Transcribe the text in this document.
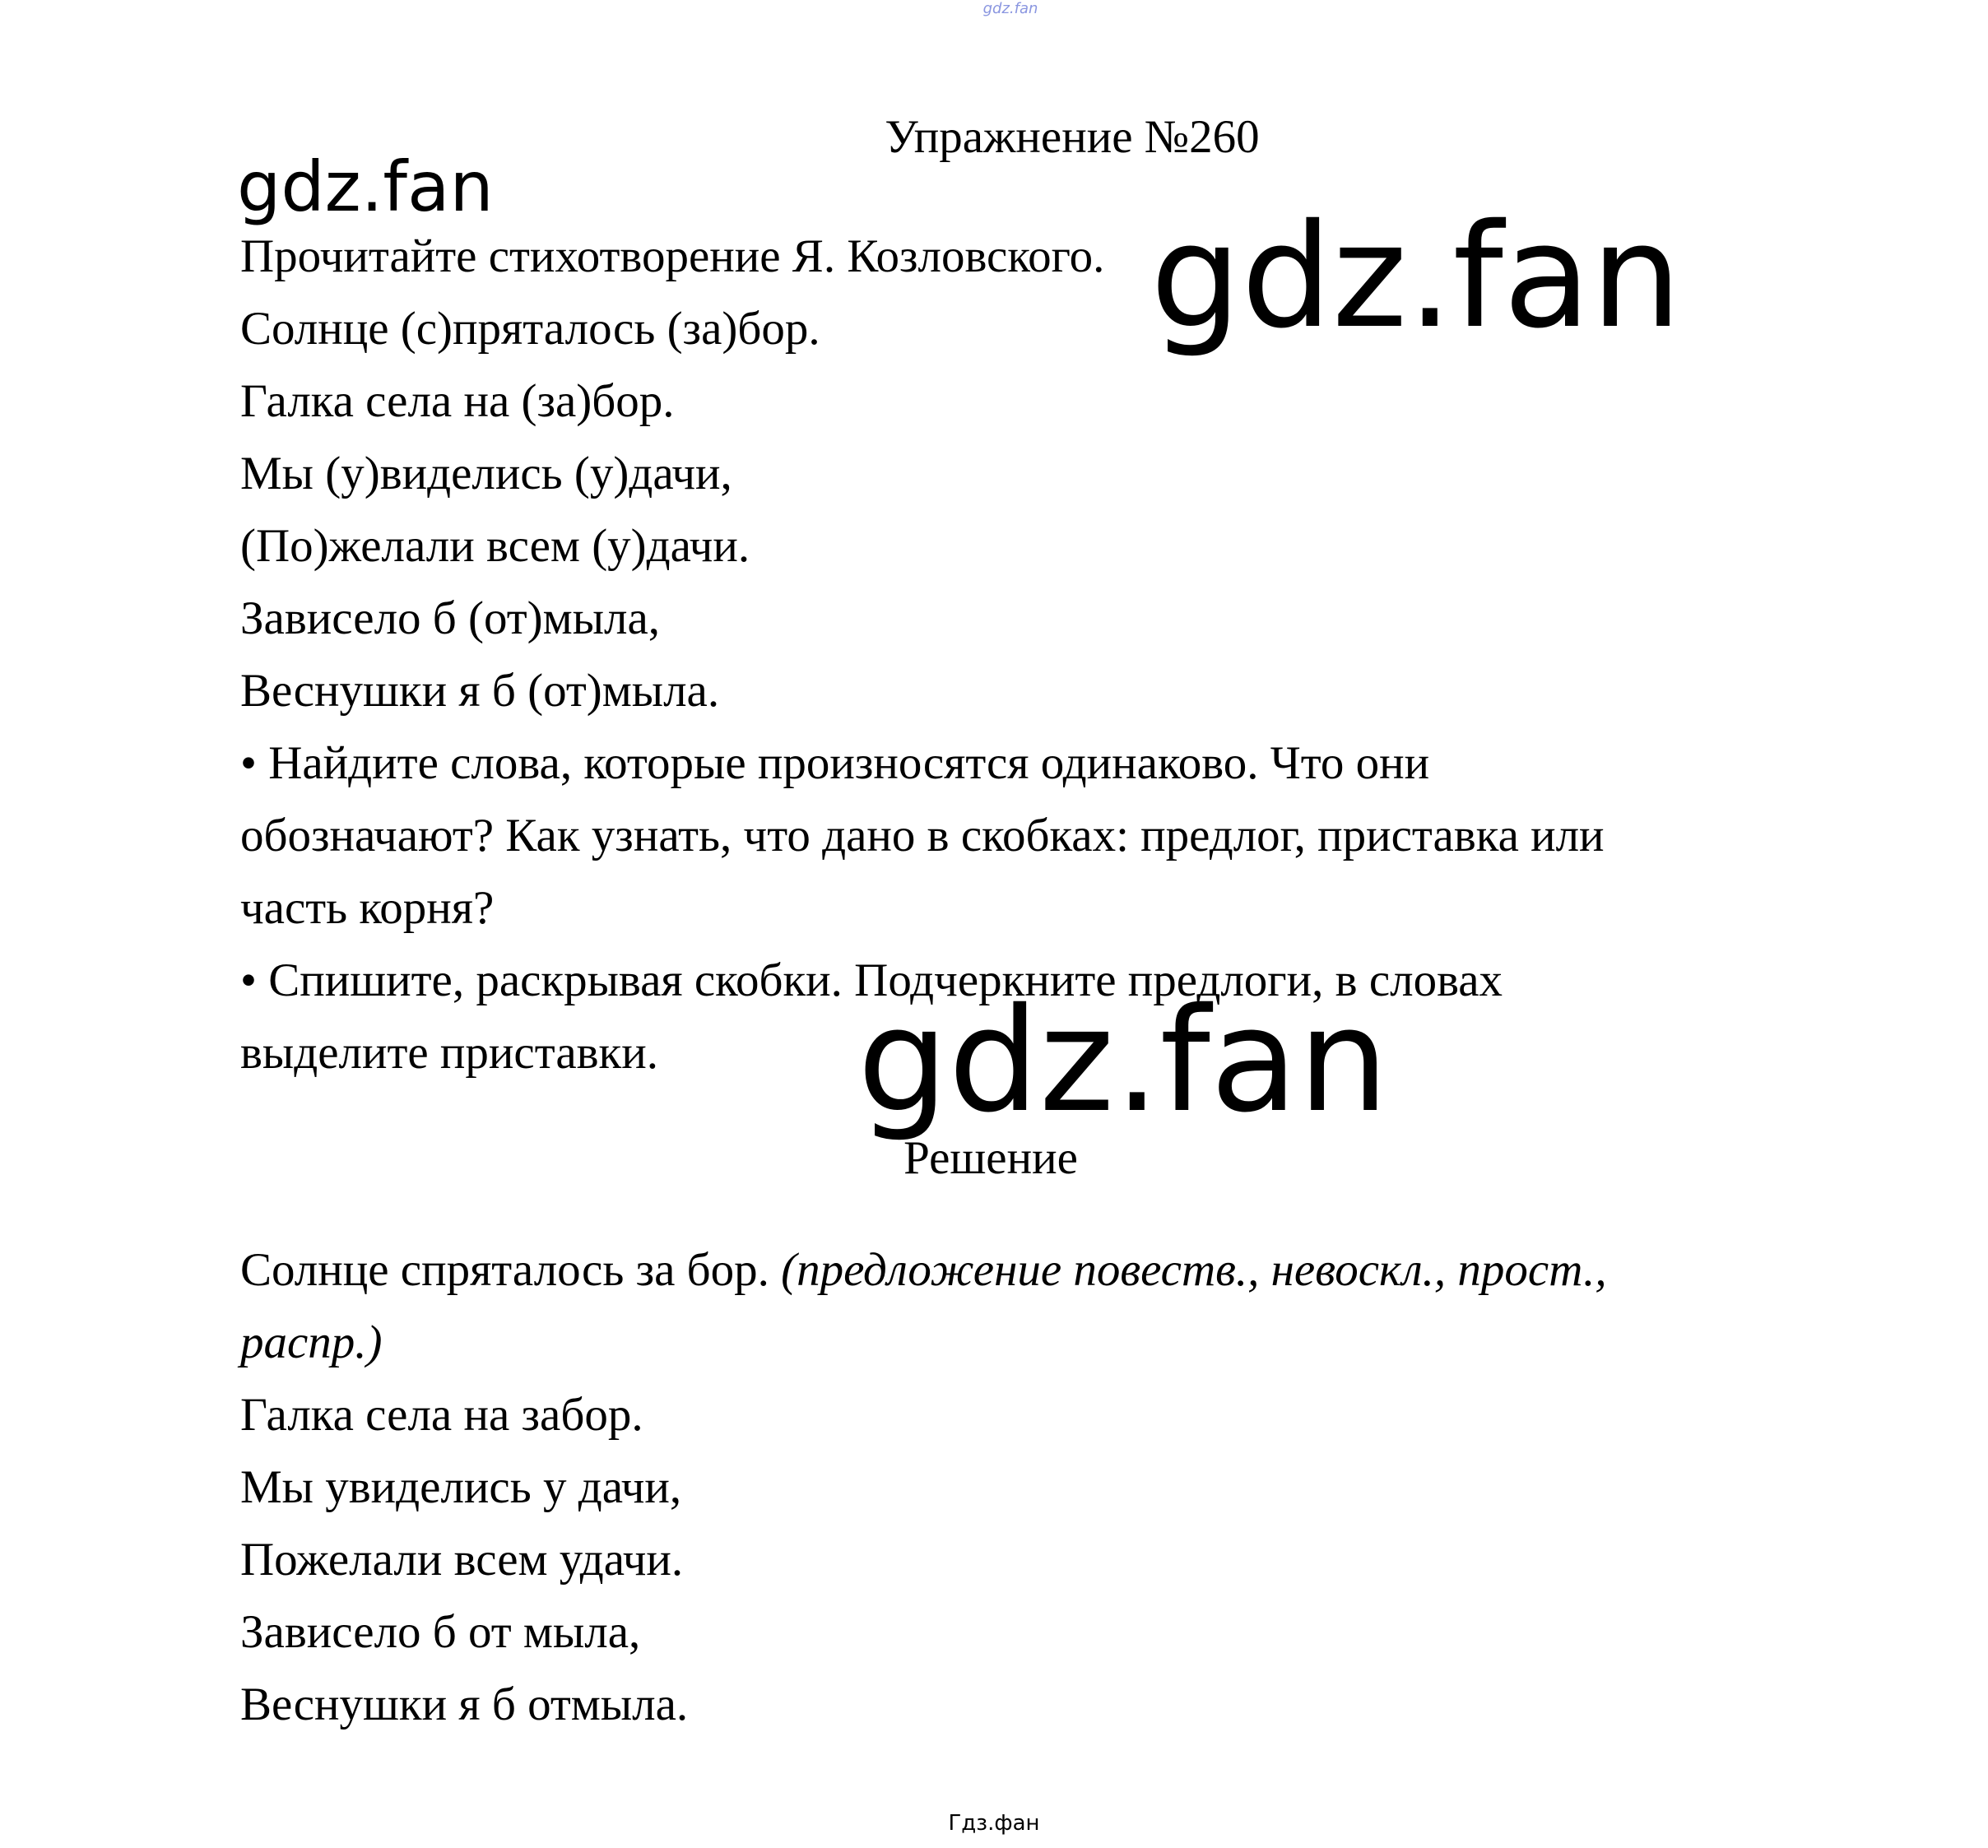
gdz.fan
Упражнение №260
gdz.fan
Прочитайте стихотворение Я. Козловского.
Солнце (с)пряталось (за)бор.
Галка села на (за)бор.
Мы (у)виделись (у)дачи,
(По)желали всем (у)дачи.
Зависело б (от)мыла,
Веснушки я б (от)мыла.
• Найдите слова, которые произносятся одинаково. Что они
обозначают? Как узнать, что дано в скобках: предлог, приставка или
часть корня?
• Спишите, раскрывая скобки. Подчеркните предлоги, в словах
выделите приставки.
gdz.fan
gdz.fan
Решение
Солнце спряталось за бор. (предложение повеств., невоскл., прост.,
распр.)
Галка села на забор.
Мы увиделись у дачи,
Пожелали всем удачи.
Зависело б от мыла,
Веснушки я б отмыла.
Гдз.фан
